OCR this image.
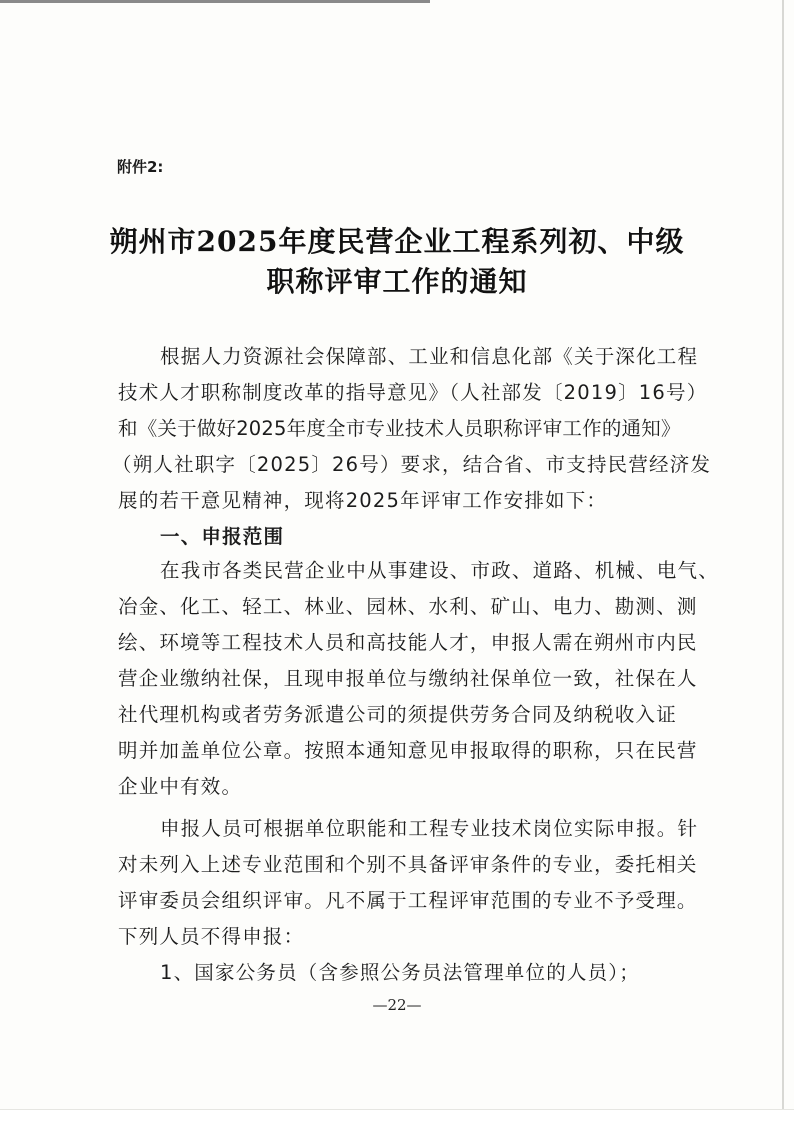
附件2:
朔州市2025年度民营企业工程系列初、中级
职称评审工作的通知
根据人力资源社会保障部、工业和信息化部《关于深化工程
技术人才职称制度改革的指导意见》（人社部发〔2019〕16号）
和《关于做好2025年度全市专业技术人员职称评审工作的通知》
（朔人社职字〔2025〕26号）要求，结合省、市支持民营经济发
展的若干意见精神，现将2025年评审工作安排如下：
一、申报范围
在我市各类民营企业中从事建设、市政、道路、机械、电气、
冶金、化工、轻工、林业、园林、水利、矿山、电力、勘测、测
绘、环境等工程技术人员和高技能人才，申报人需在朔州市内民
营企业缴纳社保，且现申报单位与缴纳社保单位一致，社保在人
社代理机构或者劳务派遣公司的须提供劳务合同及纳税收入证
明并加盖单位公章。按照本通知意见申报取得的职称，只在民营
企业中有效。
申报人员可根据单位职能和工程专业技术岗位实际申报。针
对未列入上述专业范围和个别不具备评审条件的专业，委托相关
评审委员会组织评审。凡不属于工程评审范围的专业不予受理。
下列人员不得申报：
1、国家公务员（含参照公务员法管理单位的人员）；
—22—
